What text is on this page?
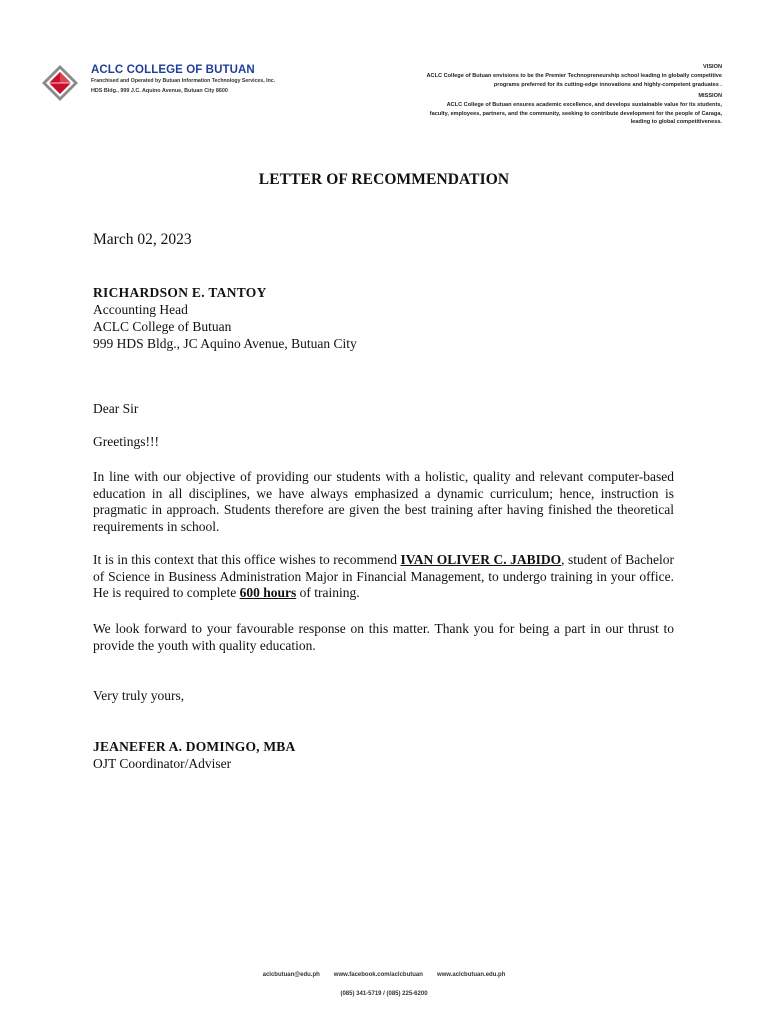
ACLC COLLEGE OF BUTUAN
Franchised and Operated by Butuan Information Technology Services, Inc.
HDS Bldg., 999 J.C. Aquino Avenue, Butuan City 8600
VISION
ACLC College of Butuan envisions to be the Premier Technopreneurship school leading in globally competitive
programs preferred for its cutting-edge innovations and highly-competent graduates .
MISSION
ACLC College of Butuan ensures academic excellence, and develops sustainable value for its students,
faculty, employees, partners, and the community, seeking to contribute development for the people of Caraga,
leading to global competitiveness.
LETTER OF RECOMMENDATION
March 02, 2023
RICHARDSON E. TANTOY
Accounting Head
ACLC College of Butuan
999 HDS Bldg., JC Aquino Avenue, Butuan City
Dear Sir
Greetings!!!
In line with our objective of providing our students with a holistic, quality and relevant computer-based education in all disciplines, we have always emphasized a dynamic curriculum; hence, instruction is pragmatic in approach. Students therefore are given the best training after having finished the theoretical requirements in school.
It is in this context that this office wishes to recommend IVAN OLIVER C. JABIDO, student of Bachelor of Science in Business Administration Major in Financial Management, to undergo training in your office. He is required to complete 600 hours of training.
We look forward to your favourable response on this matter. Thank you for being a part in our thrust to provide the youth with quality education.
Very truly yours,
JEANEFER A. DOMINGO, MBA
OJT Coordinator/Adviser
aclcbutuan@edu.ph www.facebook.com/aclcbutuan www.aclcbutuan.edu.ph
(085) 341-5719 / (085) 225-6200
